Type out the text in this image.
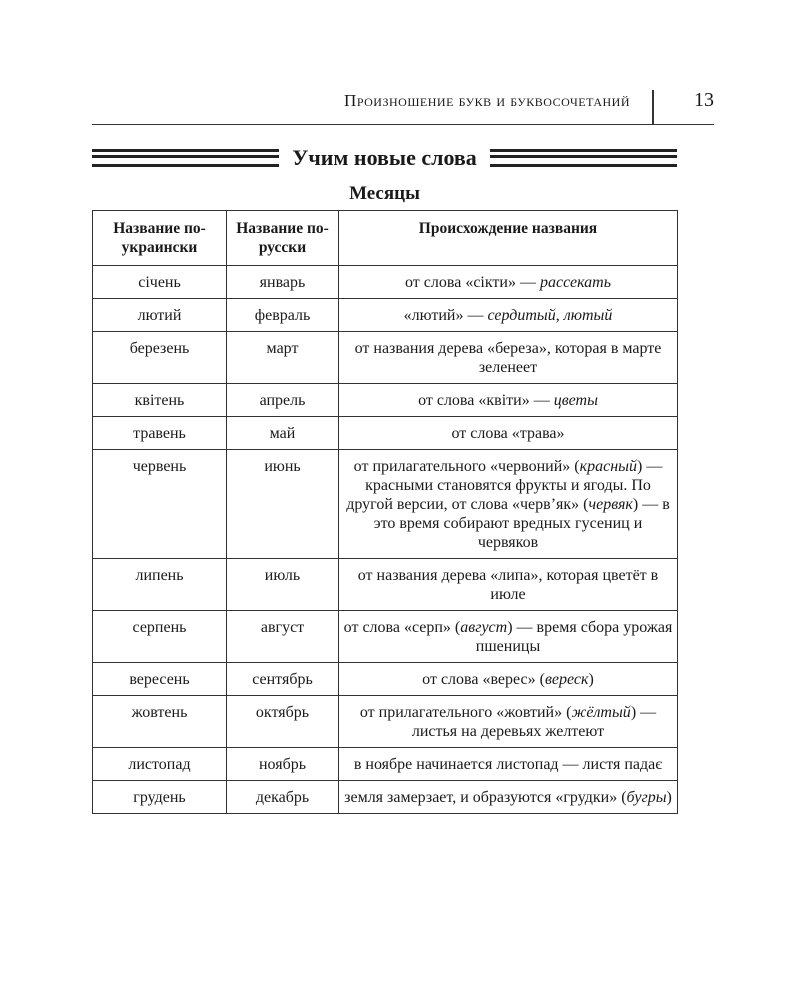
Произношение букв и буквосочетаний	13
Учим новые слова
Месяцы
Название по-украински	Название по-русски	Происхождение названия
січень	январь	от слова «сікти» — рассекать
лютий	февраль	«лютий» — сердитый, лютый
березень	март	от названия дерева «береза», которая в марте зеленеет
квітень	апрель	от слова «квіти» — цветы
травень	май	от слова «трава»
червень	июнь	от прилагательного «червоний» (красный) — красными становятся фрукты и ягоды. По другой версии, от слова «черв’як» (червяк) — в это время собирают вредных гусениц и червяков
липень	июль	от названия дерева «липа», которая цветёт в июле
серпень	август	от слова «серп» (август) — время сбора урожая пшеницы
вересень	сентябрь	от слова «верес» (вереск)
жовтень	октябрь	от прилагательного «жовтий» (жёлтый) — листья на деревьях желтеют
листопад	ноябрь	в ноябре начинается листопад — листя падає
грудень	декабрь	земля замерзает, и образуются «грудки» (бугры)
